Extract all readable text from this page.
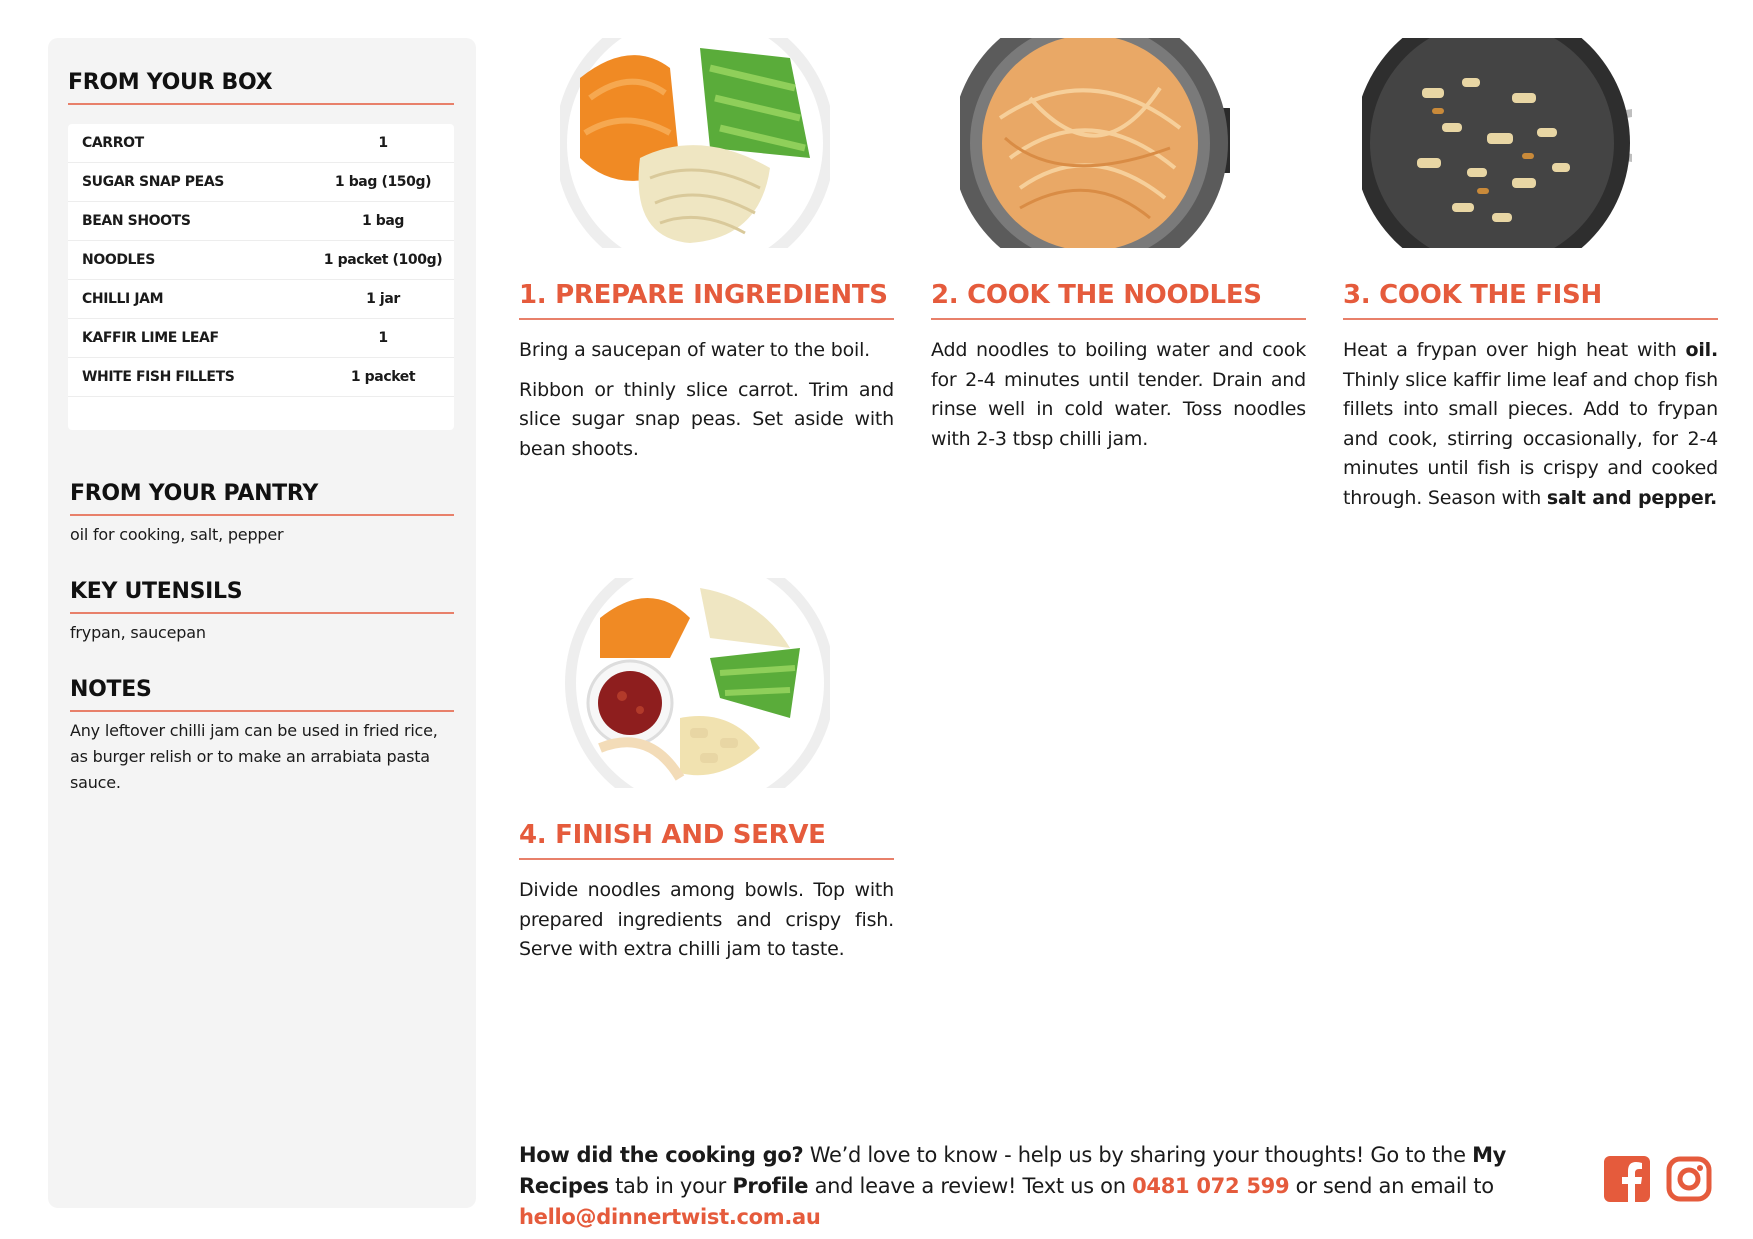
FROM YOUR BOX
CARROT	1
SUGAR SNAP PEAS	1 bag (150g)
BEAN SHOOTS	1 bag
NOODLES	1 packet (100g)
CHILLI JAM	1 jar
KAFFIR LIME LEAF	1
WHITE FISH FILLETS	1 packet
FROM YOUR PANTRY
oil for cooking, salt, pepper
KEY UTENSILS
frypan, saucepan
NOTES
Any leftover chilli jam can be used in fried rice, as burger relish or to make an arrabiata pasta sauce.
1. PREPARE INGREDIENTS

Bring a saucepan of water to the boil.

Ribbon or thinly slice carrot. Trim and slice sugar snap peas. Set aside with bean shoots.

2. COOK THE NOODLES

Add noodles to boiling water and cook for 2-4 minutes until tender. Drain and rinse well in cold water. Toss noodles with 2-3 tbsp chilli jam.

3. COOK THE FISH

Heat a frypan over high heat with oil. Thinly slice kaffir lime leaf and chop fish fillets into small pieces. Add to frypan and cook, stirring occasionally, for 2-4 minutes until fish is crispy and cooked through. Season with salt and pepper.

4. FINISH AND SERVE

Divide noodles among bowls. Top with prepared ingredients and crispy fish. Serve with extra chilli jam to taste.

How did the cooking go? We’d love to know - help us by sharing your thoughts! Go to the My Recipes tab in your Profile and leave a review! Text us on 0481 072 599 or send an email to hello@dinnertwist.com.au
